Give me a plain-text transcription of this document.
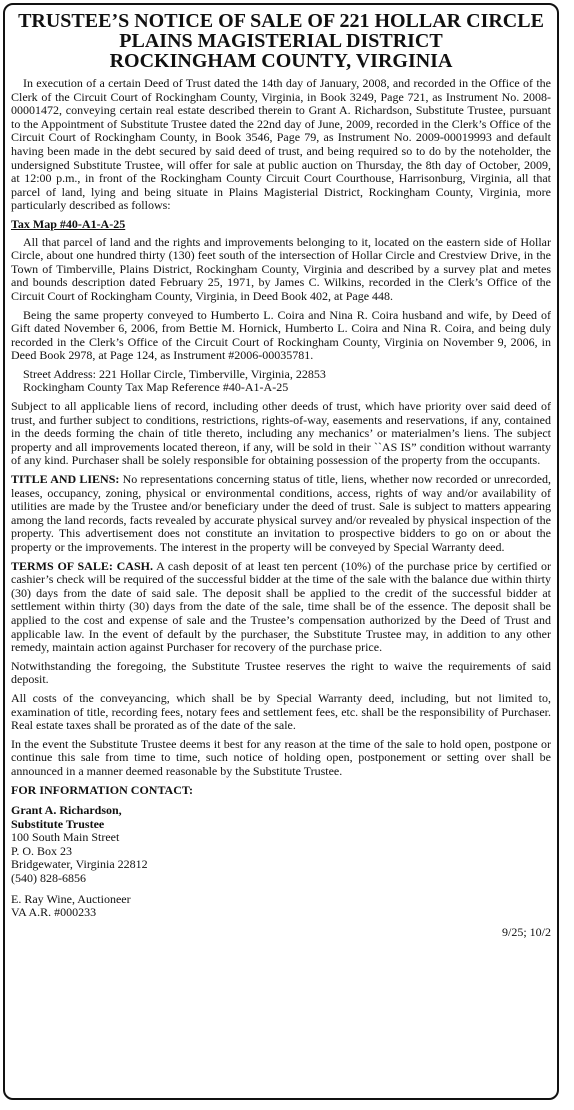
TRUSTEE’S NOTICE OF SALE OF 221 HOLLAR CIRCLE
PLAINS MAGISTERIAL DISTRICT
ROCKINGHAM COUNTY, VIRGINIA

In execution of a certain Deed of Trust dated the 14th day of January, 2008, and recorded in the Office of the Clerk of the Circuit Court of Rockingham County, Virginia, in Book 3249, Page 721, as Instrument No. 2008-00001472, conveying certain real estate described therein to Grant A. Richardson, Substitute Trustee, pursuant to the Appointment of Substitute Trustee dated the 22nd day of June, 2009, recorded in the Clerk’s Office of the Circuit Court of Rockingham County, in Book 3546, Page 79, as Instrument No. 2009-00019993 and default having been made in the debt secured by said deed of trust, and being required so to do by the noteholder, the undersigned Substitute Trustee, will offer for sale at public auction on Thursday, the 8th day of October, 2009, at 12:00 p.m., in front of the Rockingham County Circuit Court Courthouse, Harrisonburg, Virginia, all that parcel of land, lying and being situate in Plains Magisterial District, Rockingham County, Virginia, more particularly described as follows:

Tax Map #40-A1-A-25

All that parcel of land and the rights and improvements belonging to it, located on the eastern side of Hollar Circle, about one hundred thirty (130) feet south of the intersection of Hollar Circle and Crestview Drive, in the Town of Timberville, Plains District, Rockingham County, Virginia and described by a survey plat and metes and bounds description dated February 25, 1971, by James C. Wilkins, recorded in the Clerk’s Office of the Circuit Court of Rockingham County, Virginia, in Deed Book 402, at Page 448.

Being the same property conveyed to Humberto L. Coira and Nina R. Coira husband and wife, by Deed of Gift dated November 6, 2006, from Bettie M. Hornick, Humberto L. Coira and Nina R. Coira, and being duly recorded in the Clerk’s Office of the Circuit Court of Rockingham County, Virginia on November 9, 2006, in Deed Book 2978, at Page 124, as Instrument #2006-00035781.

Street Address: 221 Hollar Circle, Timberville, Virginia, 22853
Rockingham County Tax Map Reference #40-A1-A-25

Subject to all applicable liens of record, including other deeds of trust, which have priority over said deed of trust, and further subject to conditions, restrictions, rights-of-way, easements and reservations, if any, contained in the deeds forming the chain of title thereto, including any mechanics’ or materialmen’s liens. The subject property and all improvements located thereon, if any, will be sold in their ``AS IS” condition without warranty of any kind. Purchaser shall be solely responsible for obtaining possession of the property from the occupants.

TITLE AND LIENS: No representations concerning status of title, liens, whether now recorded or unrecorded, leases, occupancy, zoning, physical or environmental conditions, access, rights of way and/or availability of utilities are made by the Trustee and/or beneficiary under the deed of trust. Sale is subject to matters appearing among the land records, facts revealed by accurate physical survey and/or revealed by physical inspection of the property. This advertisement does not constitute an invitation to prospective bidders to go on or about the property or the improvements. The interest in the property will be conveyed by Special Warranty deed.

TERMS OF SALE: CASH. A cash deposit of at least ten percent (10%) of the purchase price by certified or cashier’s check will be required of the successful bidder at the time of the sale with the balance due within thirty (30) days from the date of said sale. The deposit shall be applied to the credit of the successful bidder at settlement within thirty (30) days from the date of the sale, time shall be of the essence. The deposit shall be applied to the cost and expense of sale and the Trustee’s compensation authorized by the Deed of Trust and applicable law. In the event of default by the purchaser, the Substitute Trustee may, in addition to any other remedy, maintain action against Purchaser for recovery of the purchase price.

Notwithstanding the foregoing, the Substitute Trustee reserves the right to waive the requirements of said deposit.

All costs of the conveyancing, which shall be by Special Warranty deed, including, but not limited to, examination of title, recording fees, notary fees and settlement fees, etc. shall be the responsibility of Purchaser. Real estate taxes shall be prorated as of the date of the sale.

In the event the Substitute Trustee deems it best for any reason at the time of the sale to hold open, postpone or continue this sale from time to time, such notice of holding open, postponement or setting over shall be announced in a manner deemed reasonable by the Substitute Trustee.

FOR INFORMATION CONTACT:
Grant A. Richardson,
Substitute Trustee
100 South Main Street
P. O. Box 23
Bridgewater, Virginia 22812
(540) 828-6856
E. Ray Wine, Auctioneer
VA A.R. #000233
9/25; 10/2
